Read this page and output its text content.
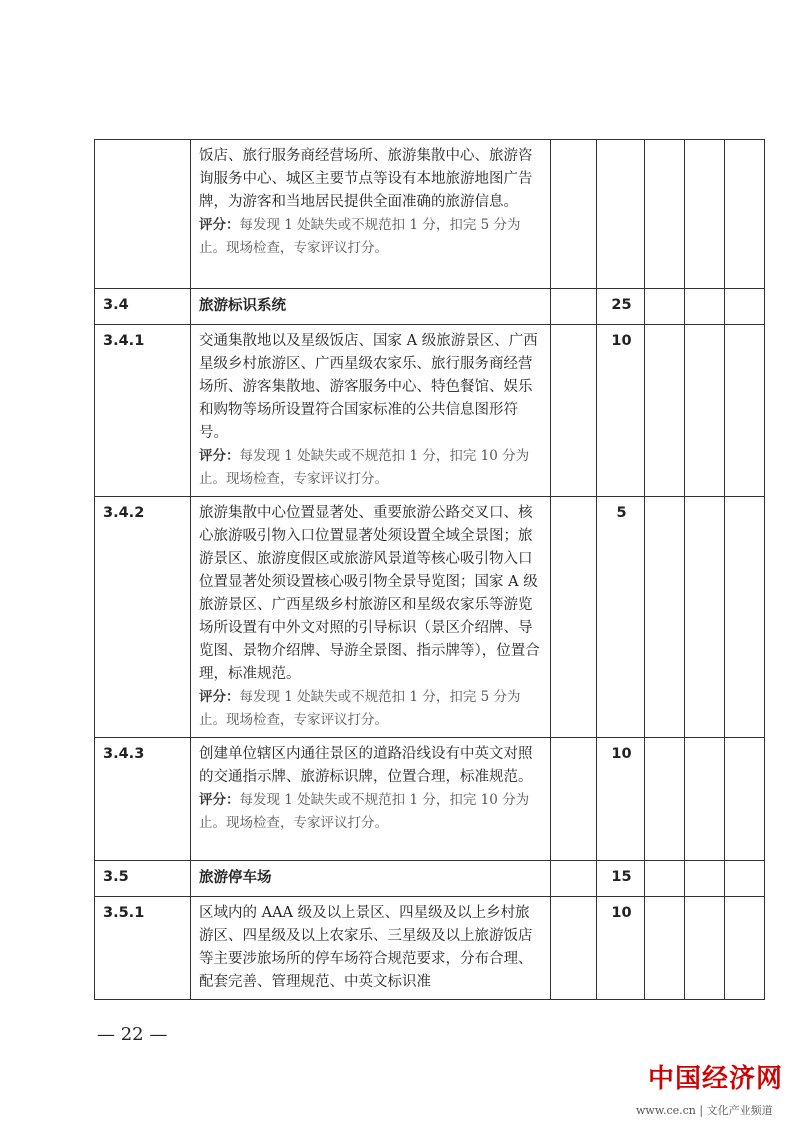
	饭店、旅行服务商经营场所、旅游集散中心、旅游咨询服务中心、城区主要节点等设有本地旅游地图广告牌，为游客和当地居民提供全面准确的旅游信息。
评分：每发现 1 处缺失或不规范扣 1 分，扣完 5 分为止。现场检查，专家评议打分。					
3.4	旅游标识系统		25			
3.4.1	交通集散地以及星级饭店、国家 A 级旅游景区、广西星级乡村旅游区、广西星级农家乐、旅行服务商经营场所、游客集散地、游客服务中心、特色餐馆、娱乐和购物等场所设置符合国家标准的公共信息图形符号。
评分：每发现 1 处缺失或不规范扣 1 分，扣完 10 分为止。现场检查，专家评议打分。		10			
3.4.2	旅游集散中心位置显著处、重要旅游公路交叉口、核心旅游吸引物入口位置显著处须设置全域全景图；旅游景区、旅游度假区或旅游风景道等核心吸引物入口位置显著处须设置核心吸引物全景导览图；国家 A 级旅游景区、广西星级乡村旅游区和星级农家乐等游览场所设置有中外文对照的引导标识（景区介绍牌、导览图、景物介绍牌、导游全景图、指示牌等），位置合理，标准规范。
评分：每发现 1 处缺失或不规范扣 1 分，扣完 5 分为止。现场检查，专家评议打分。		5			
3.4.3	创建单位辖区内通往景区的道路沿线设有中英文对照的交通指示牌、旅游标识牌，位置合理，标准规范。
评分：每发现 1 处缺失或不规范扣 1 分，扣完 10 分为止。现场检查，专家评议打分。		10			
3.5	旅游停车场		15			
3.5.1	区域内的 AAA 级及以上景区、四星级及以上乡村旅游区、四星级及以上农家乐、三星级及以上旅游饭店等主要涉旅场所的停车场符合规范要求，分布合理、配套完善、管理规范、中英文标识准		10			
— 22 —
中国经济网
www.ce.cn | 文化产业频道
